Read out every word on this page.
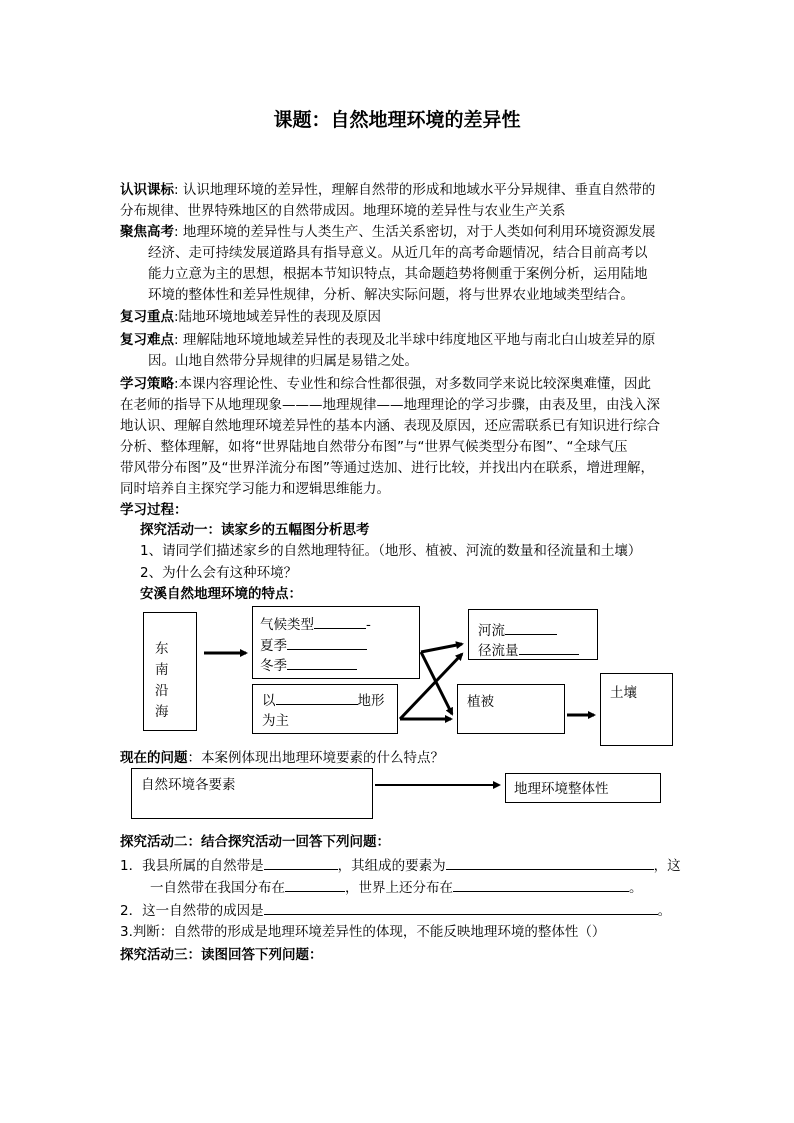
课题：自然地理环境的差异性
认识课标: 认识地理环境的差异性，理解自然带的形成和地域水平分异规律、垂直自然带的
分布规律、世界特殊地区的自然带成因。地理环境的差异性与农业生产关系
聚焦高考: 地理环境的差异性与人类生产、生活关系密切，对于人类如何利用环境资源发展
经济、走可持续发展道路具有指导意义。从近几年的高考命题情况，结合目前高考以
能力立意为主的思想，根据本节知识特点，其命题趋势将侧重于案例分析，运用陆地
环境的整体性和差异性规律，分析、解决实际问题，将与世界农业地域类型结合。
复习重点:陆地环境地域差异性的表现及原因
复习难点: 理解陆地环境地域差异性的表现及北半球中纬度地区平地与南北白山坡差异的原
因。山地自然带分异规律的归属是易错之处。
学习策略:本课内容理论性、专业性和综合性都很强，对多数同学来说比较深奥难懂，因此
在老师的指导下从地理现象———地理规律——地理理论的学习步骤，由表及里，由浅入深
地认识、理解自然地理环境差异性的基本内涵、表现及原因，还应需联系已有知识进行综合
分析、整体理解，如将“世界陆地自然带分布图”与“世界气候类型分布图”、“全球气压
带风带分布图”及“世界洋流分布图”等通过迭加、进行比较，并找出内在联系，增进理解，
同时培养自主探究学习能力和逻辑思维能力。
学习过程：
探究活动一：读家乡的五幅图分析思考
1、请同学们描述家乡的自然地理特征。（地形、植被、河流的数量和径流量和土壤）
2、为什么会有这种环境？
安溪自然地理环境的特点：
东
南
沿
海
气候类型	-
夏季
冬季
河流
径流量
以	地形
为主
植被
土壤
现在的问题：本案例体现出地理环境要素的什么特点？
自然环境各要素	地理环境整体性
探究活动二：结合探究活动一回答下列问题：
1．我县所属的自然带是	，其组成的要素为	，这
一自然带在我国分布在	，世界上还分布在	。
2．这一自然带的成因是	。
3.判断：自然带的形成是地理环境差异性的体现，不能反映地理环境的整体性（）
探究活动三：读图回答下列问题：
